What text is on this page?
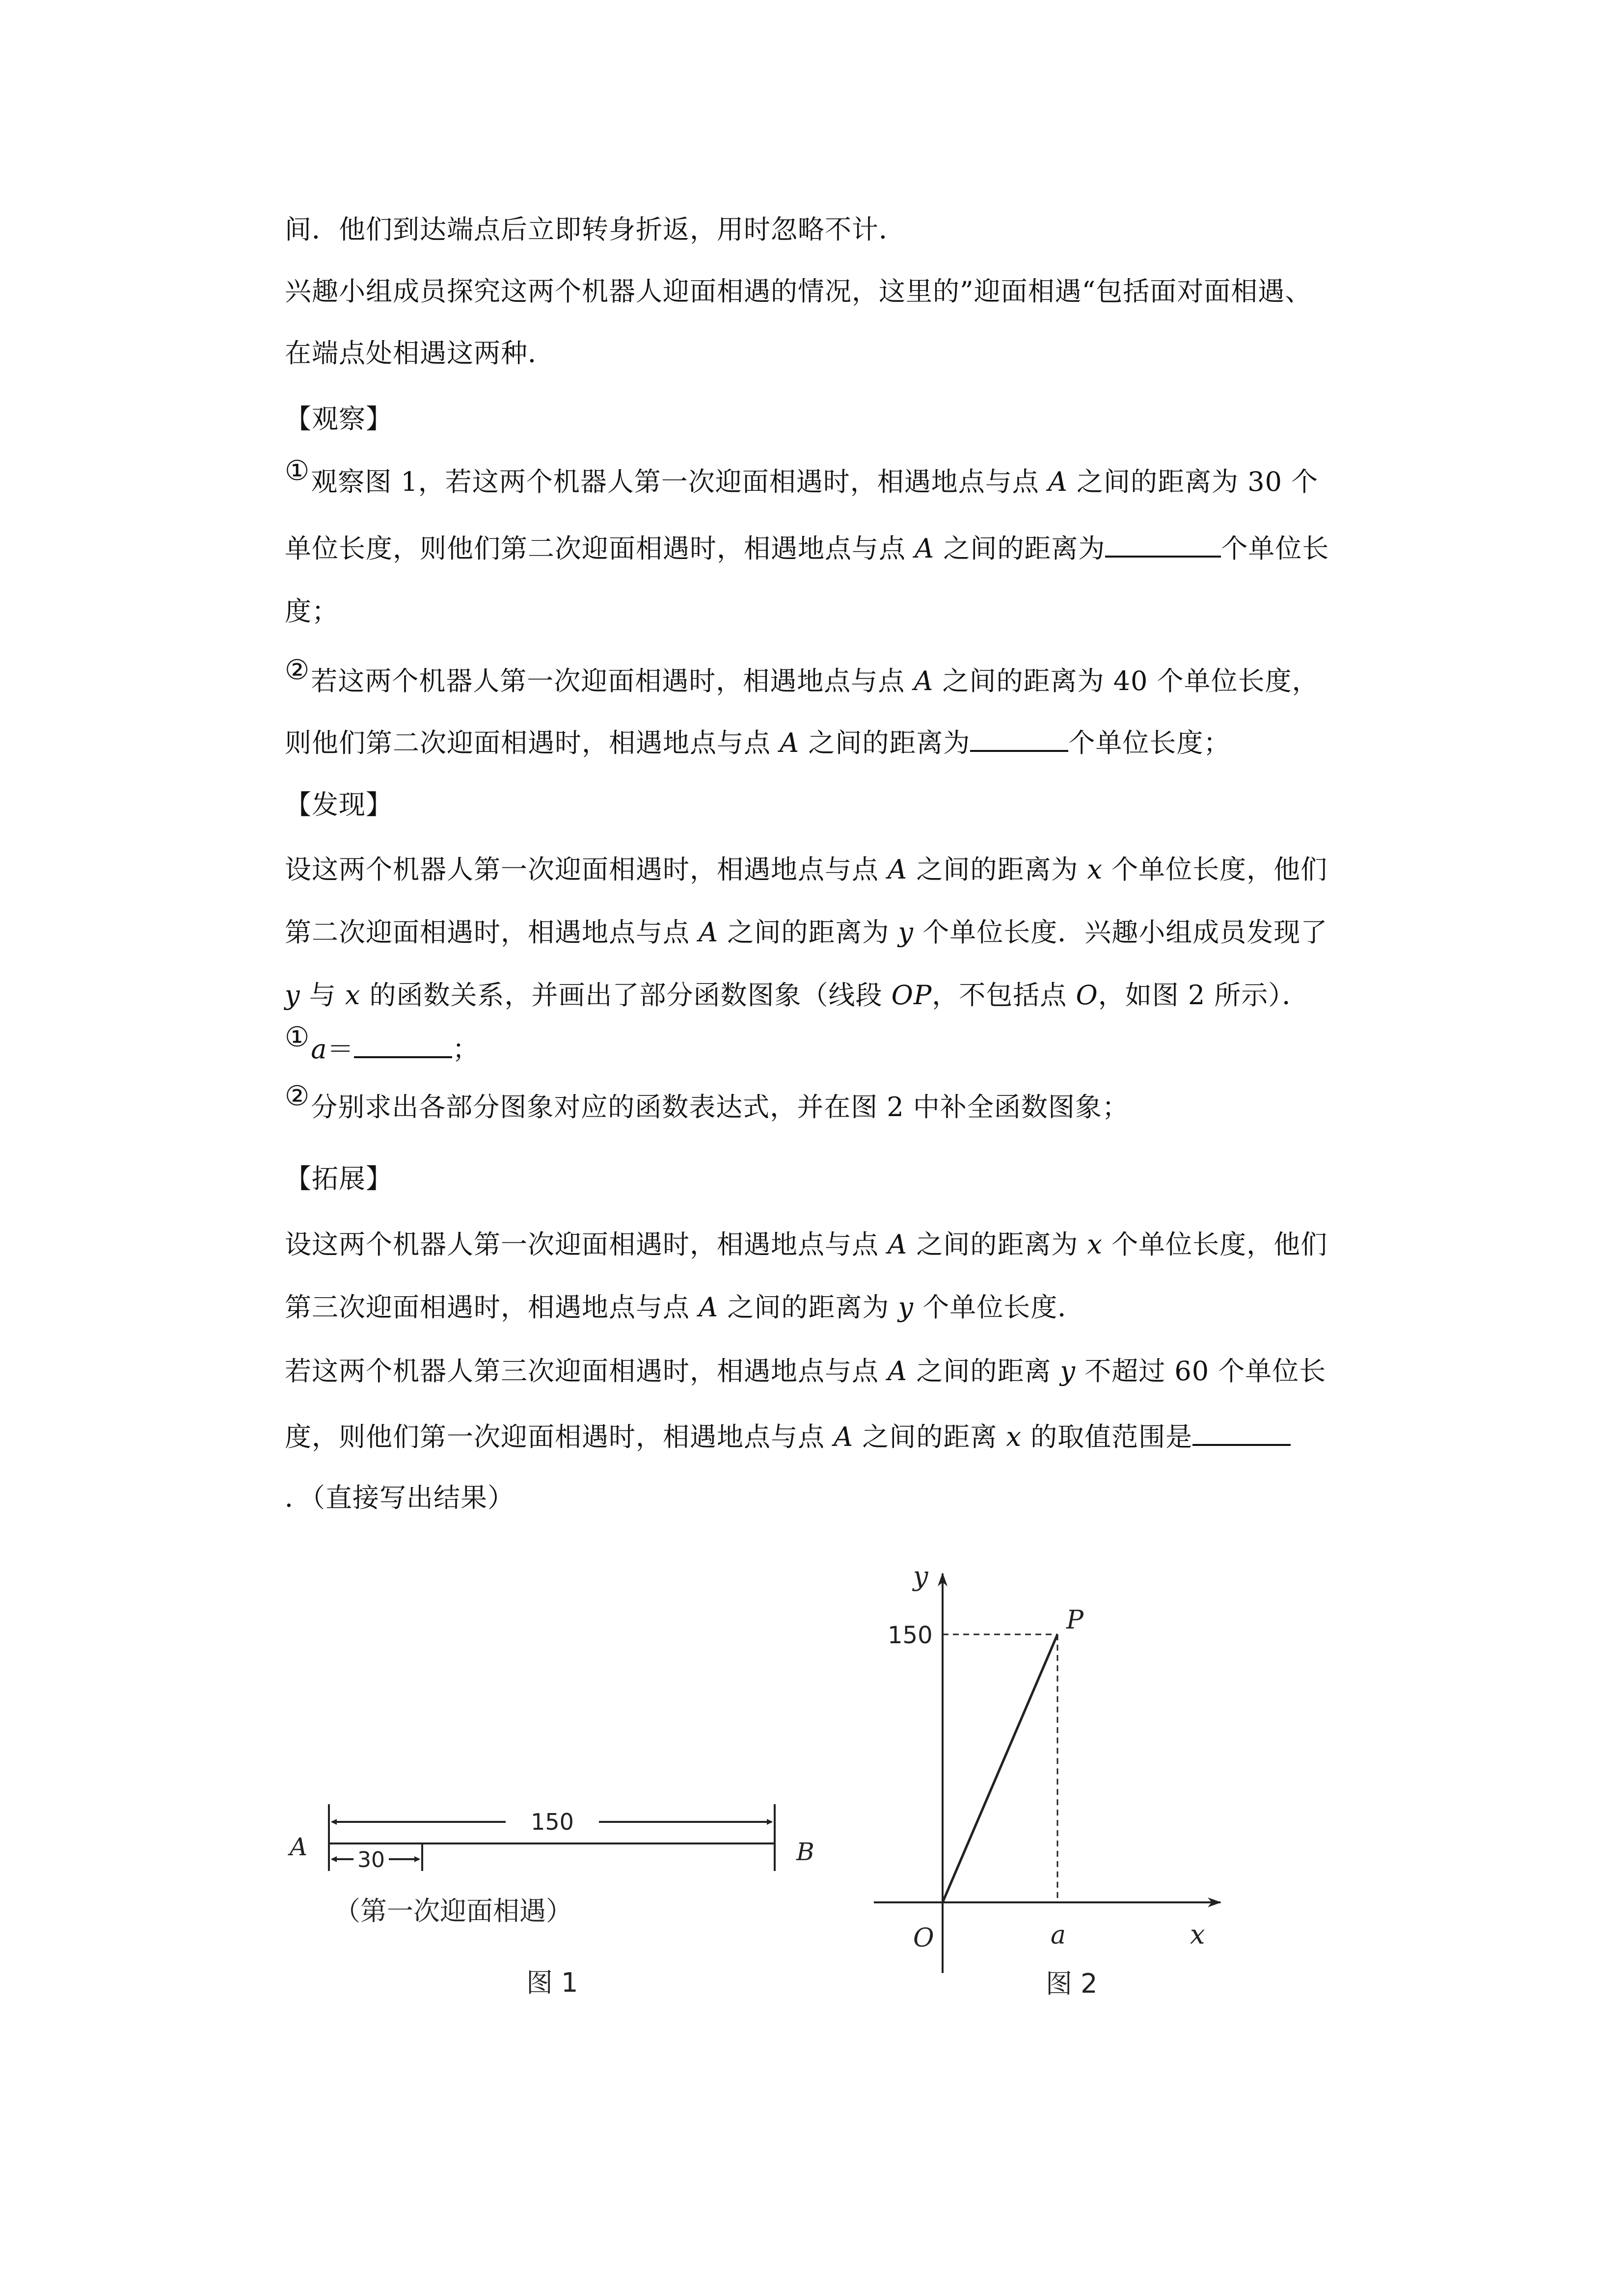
间．他们到达端点后立即转身折返，用时忽略不计．
兴趣小组成员探究这两个机器人迎面相遇的情况，这里的”迎面相遇“包括面对面相遇、
在端点处相遇这两种．
【观察】
①观察图 1，若这两个机器人第一次迎面相遇时，相遇地点与点 A 之间的距离为 30 个
单位长度，则他们第二次迎面相遇时，相遇地点与点 A 之间的距离为	个单位长
度；
②若这两个机器人第一次迎面相遇时，相遇地点与点 A 之间的距离为 40 个单位长度，
则他们第二次迎面相遇时，相遇地点与点 A 之间的距离为	个单位长度；
【发现】
设这两个机器人第一次迎面相遇时，相遇地点与点 A 之间的距离为 x 个单位长度，他们
第二次迎面相遇时，相遇地点与点 A 之间的距离为 y 个单位长度．兴趣小组成员发现了
y 与 x 的函数关系，并画出了部分函数图象（线段 OP，不包括点 O，如图 2 所示）．
①a＝	；
②分别求出各部分图象对应的函数表达式，并在图 2 中补全函数图象；
【拓展】
设这两个机器人第一次迎面相遇时，相遇地点与点 A 之间的距离为 x 个单位长度，他们
第三次迎面相遇时，相遇地点与点 A 之间的距离为 y 个单位长度．
若这两个机器人第三次迎面相遇时，相遇地点与点 A 之间的距离 y 不超过 60 个单位长
度，则他们第一次迎面相遇时，相遇地点与点 A 之间的距离 x 的取值范围是
．（直接写出结果）
A	B
150
30
（第一次迎面相遇）
图 1
y
x
O
P
150
a
图 2
